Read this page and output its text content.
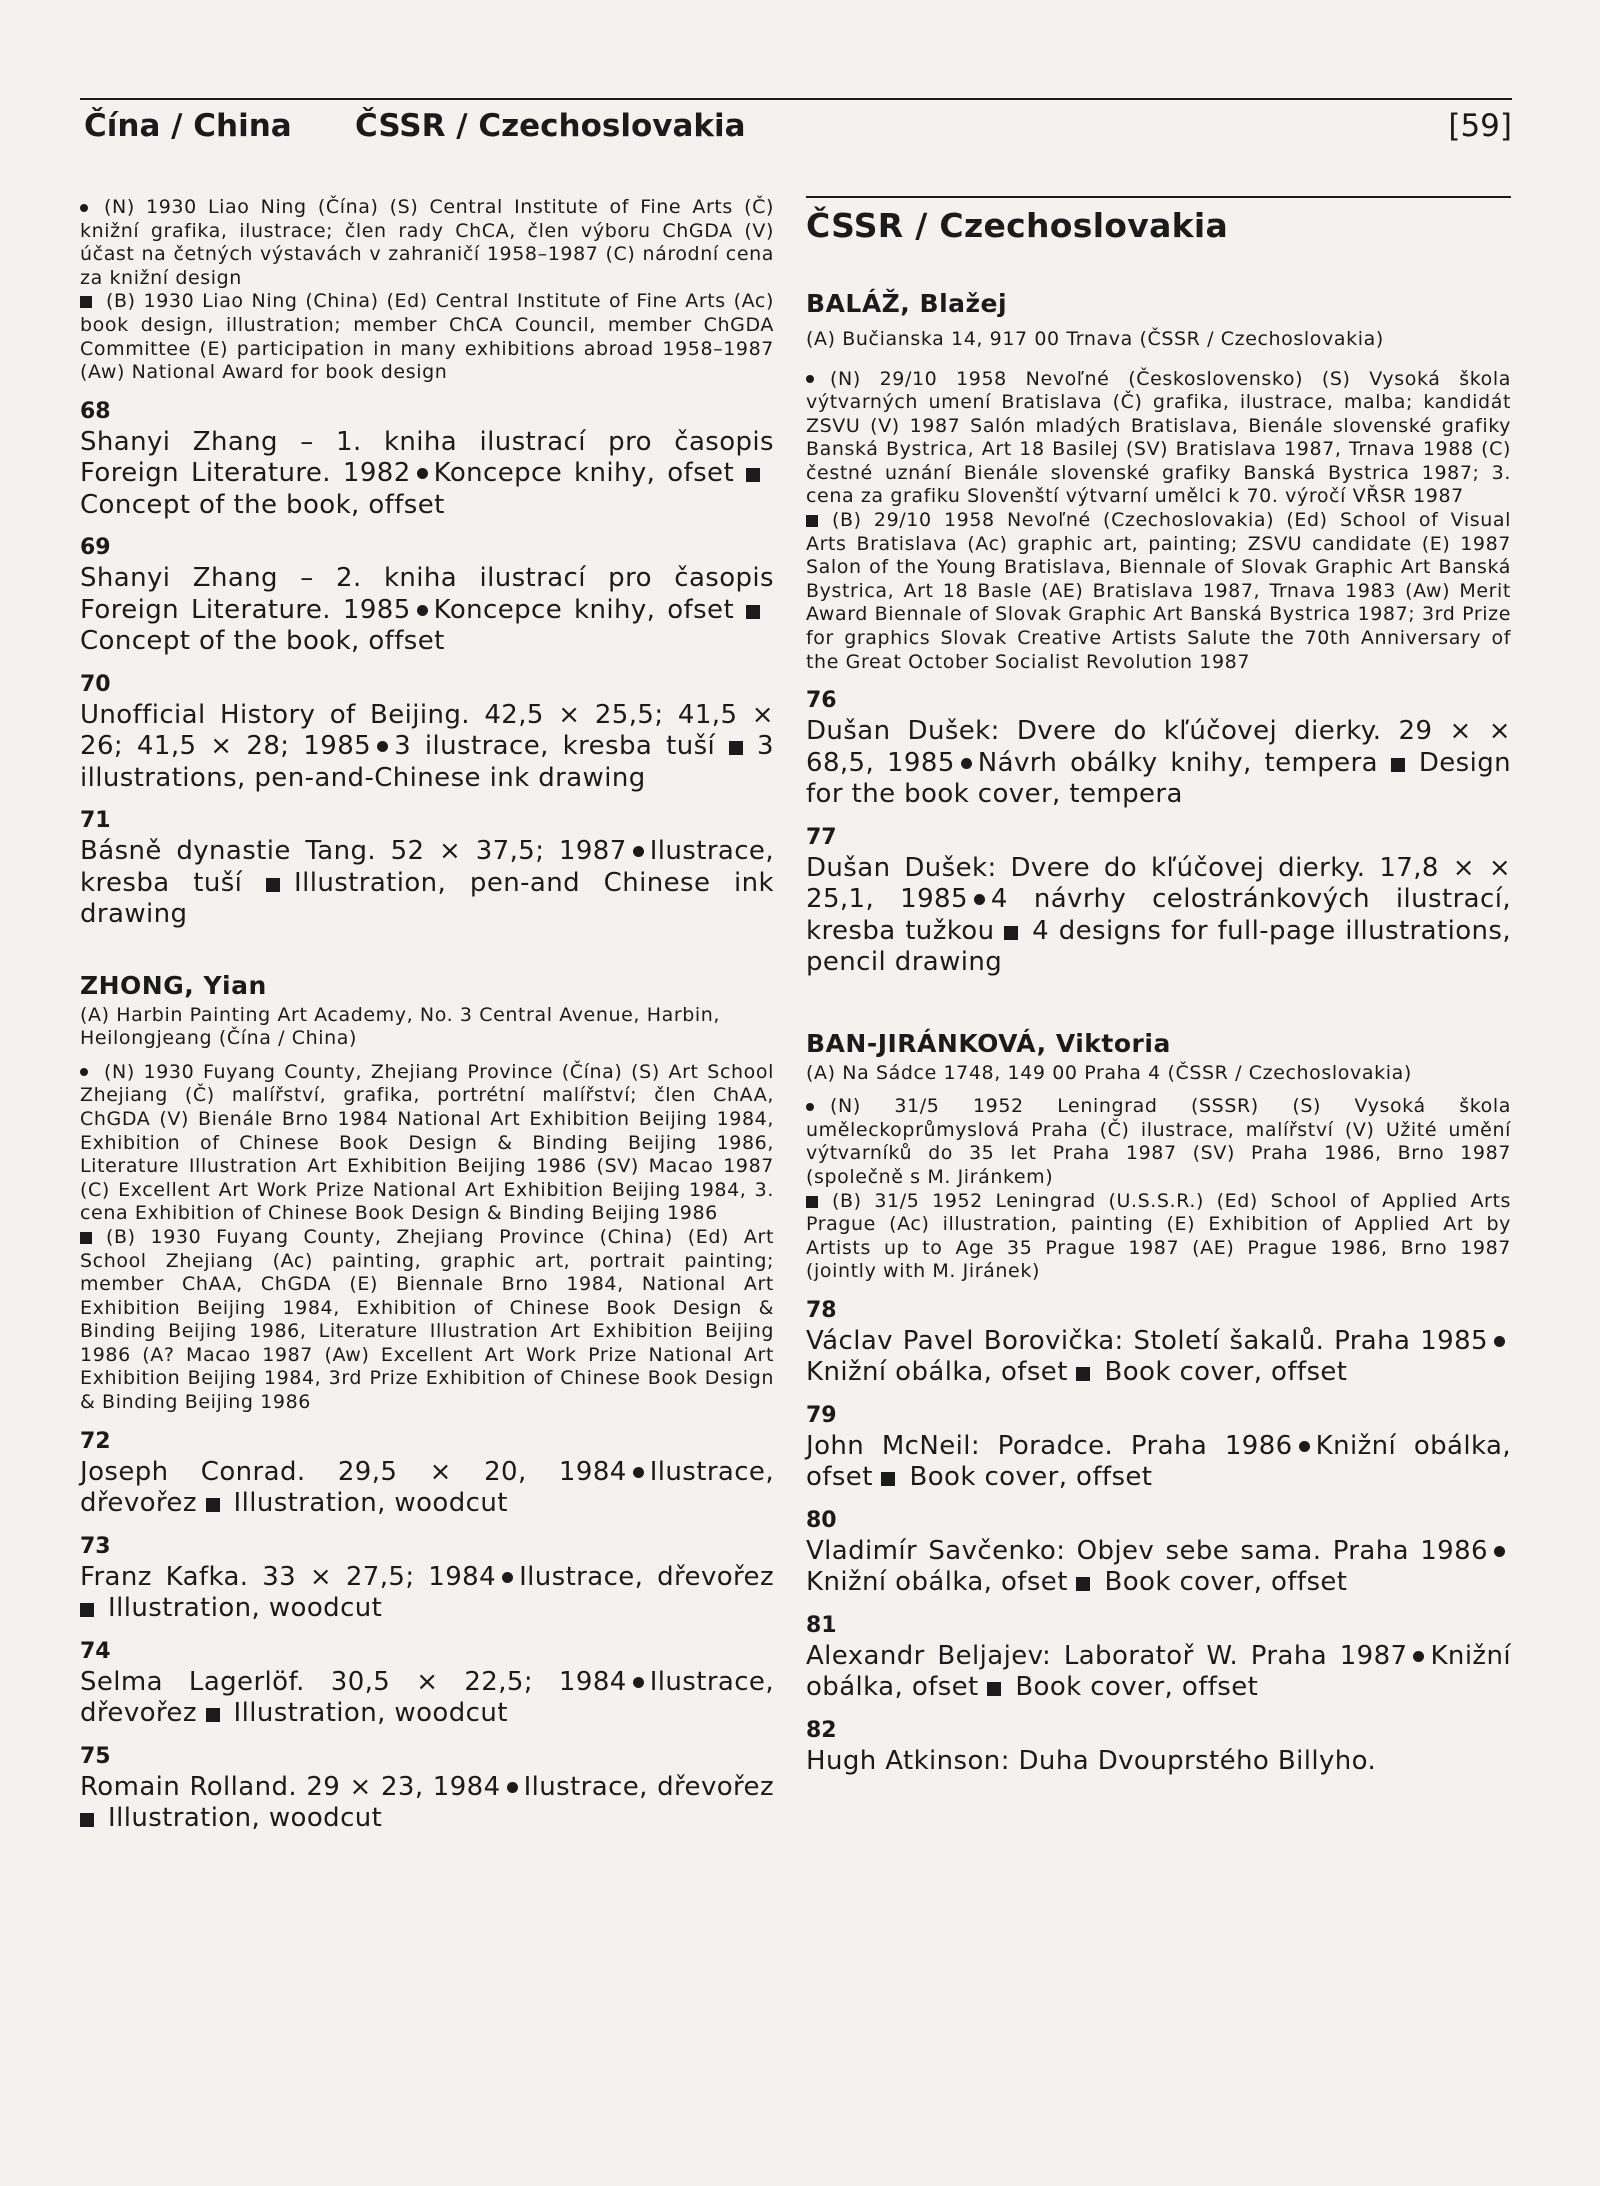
Čína / China ČSSR / Czechoslovakia	[59]

(N) 1930 Liao Ning (Čína) (S) Central Institute of Fine Arts (Č) knižní grafika, ilustrace; člen rady ChCA, člen výboru ChGDA (V) účast na četných výstavách v zahraničí 1958–1987 (C) národní cena za knižní design

(B) 1930 Liao Ning (China) (Ed) Central Institute of Fine Arts (Ac) book design, illustration; member ChCA Council, member ChGDA Committee (E) participation in many exhibitions abroad 1958–1987 (Aw) National Award for book design

68
Shanyi Zhang – 1. kniha ilustrací pro časopis Foreign Literature. 1982 Koncepce knihy, ofset Concept of the book, offset
69
Shanyi Zhang – 2. kniha ilustrací pro časopis Foreign Literature. 1985 Koncepce knihy, ofset Concept of the book, offset
70
Unofficial History of Beijing. 42,5 × 25,5; 41,5 × 26; 41,5 × 28; 1985 3 ilustrace, kresba tuší 3 illustrations, pen-and-Chinese ink drawing
71
Básně dynastie Tang. 52 × 37,5; 1987 Ilustrace, kresba tuší Illustration, pen-and Chinese ink drawing
ZHONG, Yian

(A) Harbin Painting Art Academy, No. 3 Central Avenue, Harbin, Heilongjeang (Čína / China)

(N) 1930 Fuyang County, Zhejiang Province (Čína) (S) Art School Zhejiang (Č) malířství, grafika, portrétní malířství; člen ChAA, ChGDA (V) Bienále Brno 1984 National Art Exhibition Beijing 1984, Exhibition of Chinese Book Design & Binding Beijing 1986, Literature Illustration Art Exhibition Beijing 1986 (SV) Macao 1987 (C) Excellent Art Work Prize National Art Exhibition Beijing 1984, 3. cena Exhibition of Chinese Book Design & Binding Beijing 1986

(B) 1930 Fuyang County, Zhejiang Province (China) (Ed) Art School Zhejiang (Ac) painting, graphic art, portrait painting; member ChAA, ChGDA (E) Biennale Brno 1984, National Art Exhibition Beijing 1984, Exhibition of Chinese Book Design & Binding Beijing 1986, Literature Illustration Art Exhibition Beijing 1986 (A? Macao 1987 (Aw) Excellent Art Work Prize National Art Exhibition Beijing 1984, 3rd Prize Exhibition of Chinese Book Design & Binding Beijing 1986

72
Joseph Conrad. 29,5 × 20, 1984 Ilustrace, dřevořez Illustration, woodcut
73
Franz Kafka. 33 × 27,5; 1984 Ilustrace, dřevořez Illustration, woodcut
74
Selma Lagerlöf. 30,5 × 22,5; 1984 Ilustrace, dřevořez Illustration, woodcut
75
Romain Rolland. 29 × 23, 1984 Ilustrace, dřevořez Illustration, woodcut
ČSSR / Czechoslovakia
BALÁŽ, Blažej

(A) Bučianska 14, 917 00 Trnava (ČSSR / Czechoslovakia)

(N) 29/10 1958 Nevoľné (Československo) (S) Vysoká škola výtvarných umení Bratislava (Č) grafika, ilustrace, malba; kandidát ZSVU (V) 1987 Salón mladých Bratislava, Bienále slovenské grafiky Banská Bystrica, Art 18 Basilej (SV) Bratislava 1987, Trnava 1988 (C) čestné uznání Bienále slovenské grafiky Banská Bystrica 1987; 3. cena za grafiku Slovenští výtvarní umělci k 70. výročí VŘSR 1987

(B) 29/10 1958 Nevoľné (Czechoslovakia) (Ed) School of Visual Arts Bratislava (Ac) graphic art, painting; ZSVU candidate (E) 1987 Salon of the Young Bratislava, Biennale of Slovak Graphic Art Banská Bystrica, Art 18 Basle (AE) Bratislava 1987, Trnava 1983 (Aw) Merit Award Biennale of Slovak Graphic Art Banská Bystrica 1987; 3rd Prize for graphics Slovak Creative Artists Salute the 70th Anniversary of the Great October Socialist Revolution 1987

76
Dušan Dušek: Dvere do kľúčovej dierky. 29 × × 68,5, 1985 Návrh obálky knihy, tempera Design for the book cover, tempera
77
Dušan Dušek: Dvere do kľúčovej dierky. 17,8 × × 25,1, 1985 4 návrhy celostránkových ilustrací, kresba tužkou 4 designs for full-page illustrations, pencil drawing
BAN-JIRÁNKOVÁ, Viktoria

(A) Na Sádce 1748, 149 00 Praha 4 (ČSSR / Czechoslovakia)

(N) 31/5 1952 Leningrad (SSSR) (S) Vysoká škola uměleckoprůmyslová Praha (Č) ilustrace, malířství (V) Užité umění výtvarníků do 35 let Praha 1987 (SV) Praha 1986, Brno 1987 (společně s M. Jiránkem)

(B) 31/5 1952 Leningrad (U.S.S.R.) (Ed) School of Applied Arts Prague (Ac) illustration, painting (E) Exhibition of Applied Art by Artists up to Age 35 Prague 1987 (AE) Prague 1986, Brno 1987 (jointly with M. Jiránek)

78
Václav Pavel Borovička: Století šakalů. Praha 1985Knižní obálka, ofset Book cover, offset
79
John McNeil: Poradce. Praha 1986 Knižní obálka, ofset Book cover, offset
80
Vladimír Savčenko: Objev sebe sama. Praha 1986Knižní obálka, ofset Book cover, offset
81
Alexandr Beljajev: Laboratoř W. Praha 1987 Knižní obálka, ofset Book cover, offset
82
Hugh Atkinson: Duha Dvouprstého Billyho.
